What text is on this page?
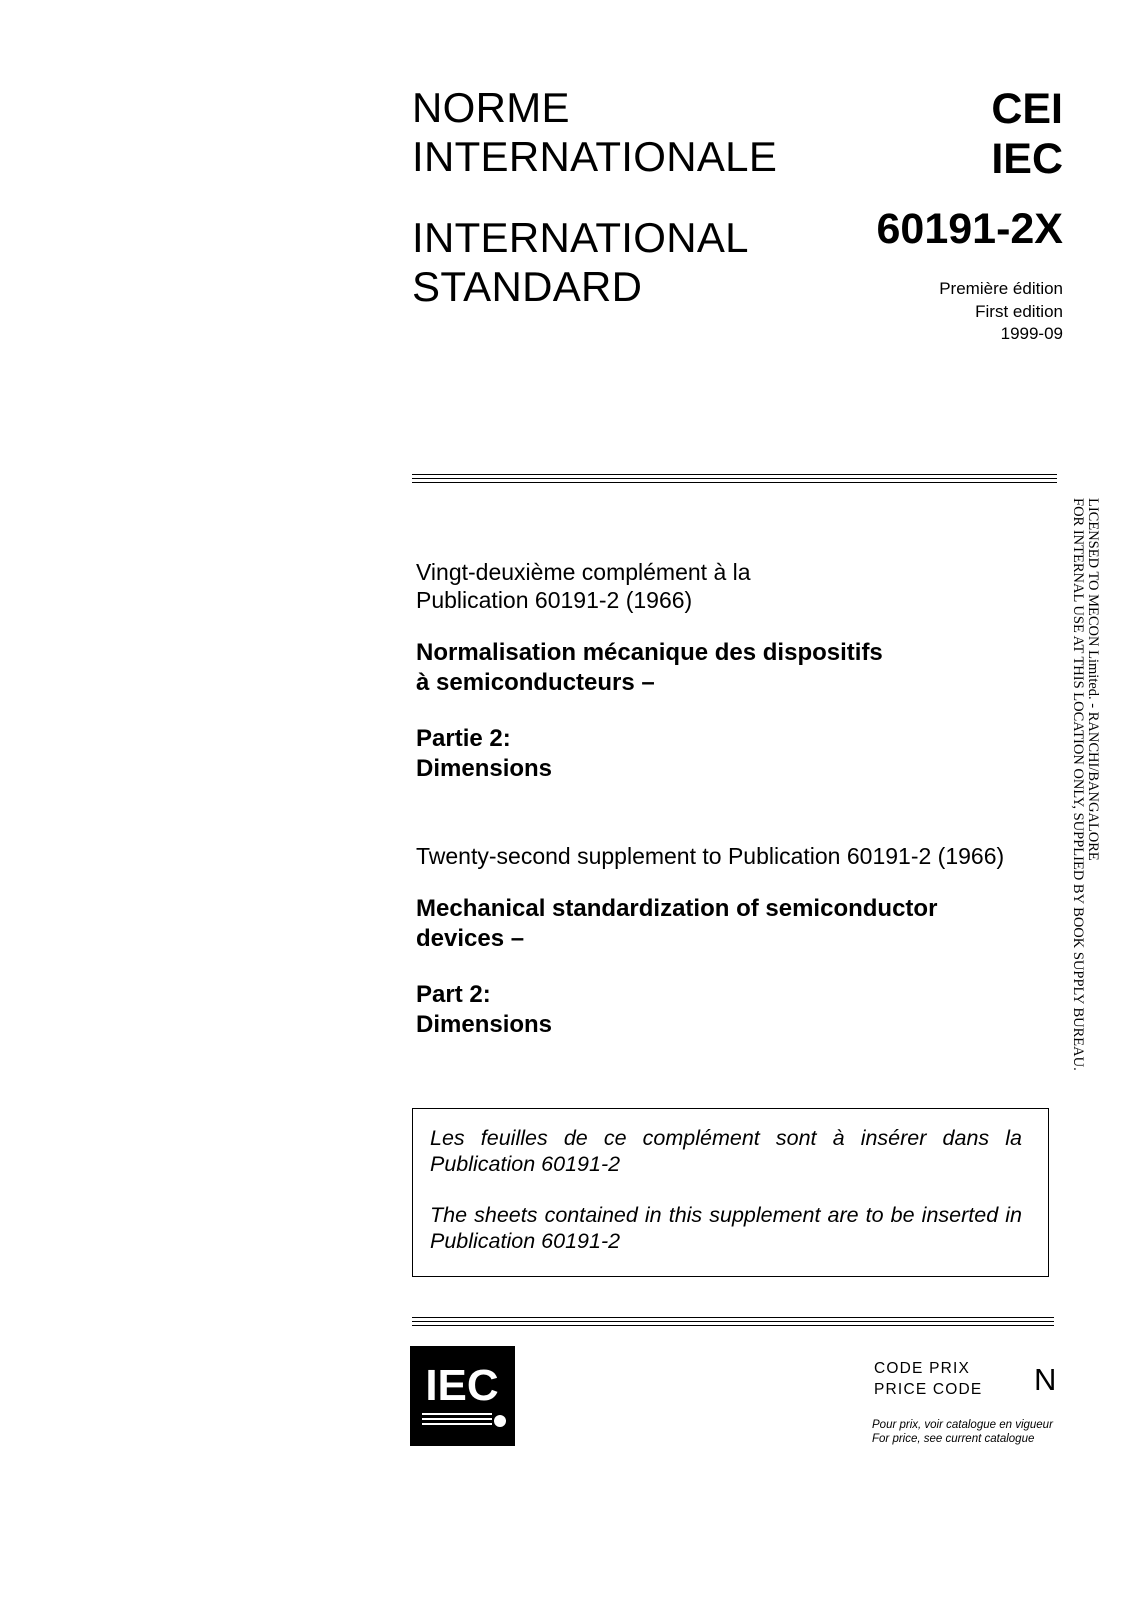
NORME
INTERNATIONALE
INTERNATIONAL
STANDARD
CEI
IEC
60191-2X
Première édition
First edition
1999-09
Vingt-deuxième complément à la
Publication 60191-2 (1966)
Normalisation mécanique des dispositifs
à semiconducteurs –
Partie 2:
Dimensions
Twenty-second supplement to Publication 60191-2 (1966)
Mechanical standardization of semiconductor
devices –
Part 2:
Dimensions

Les feuilles de ce complément sont à insérer dans la Publication 60191-2

The sheets contained in this supplement are to be inserted in Publication 60191-2

IEC	CODE PRIX
PRICE CODE N
Pour prix, voir catalogue en vigueur
For price, see current catalogue
LICENSED TO MECON Limited. - RANCHI/BANGALORE
FOR INTERNAL USE AT THIS LOCATION ONLY, SUPPLIED BY BOOK SUPPLY BUREAU.
